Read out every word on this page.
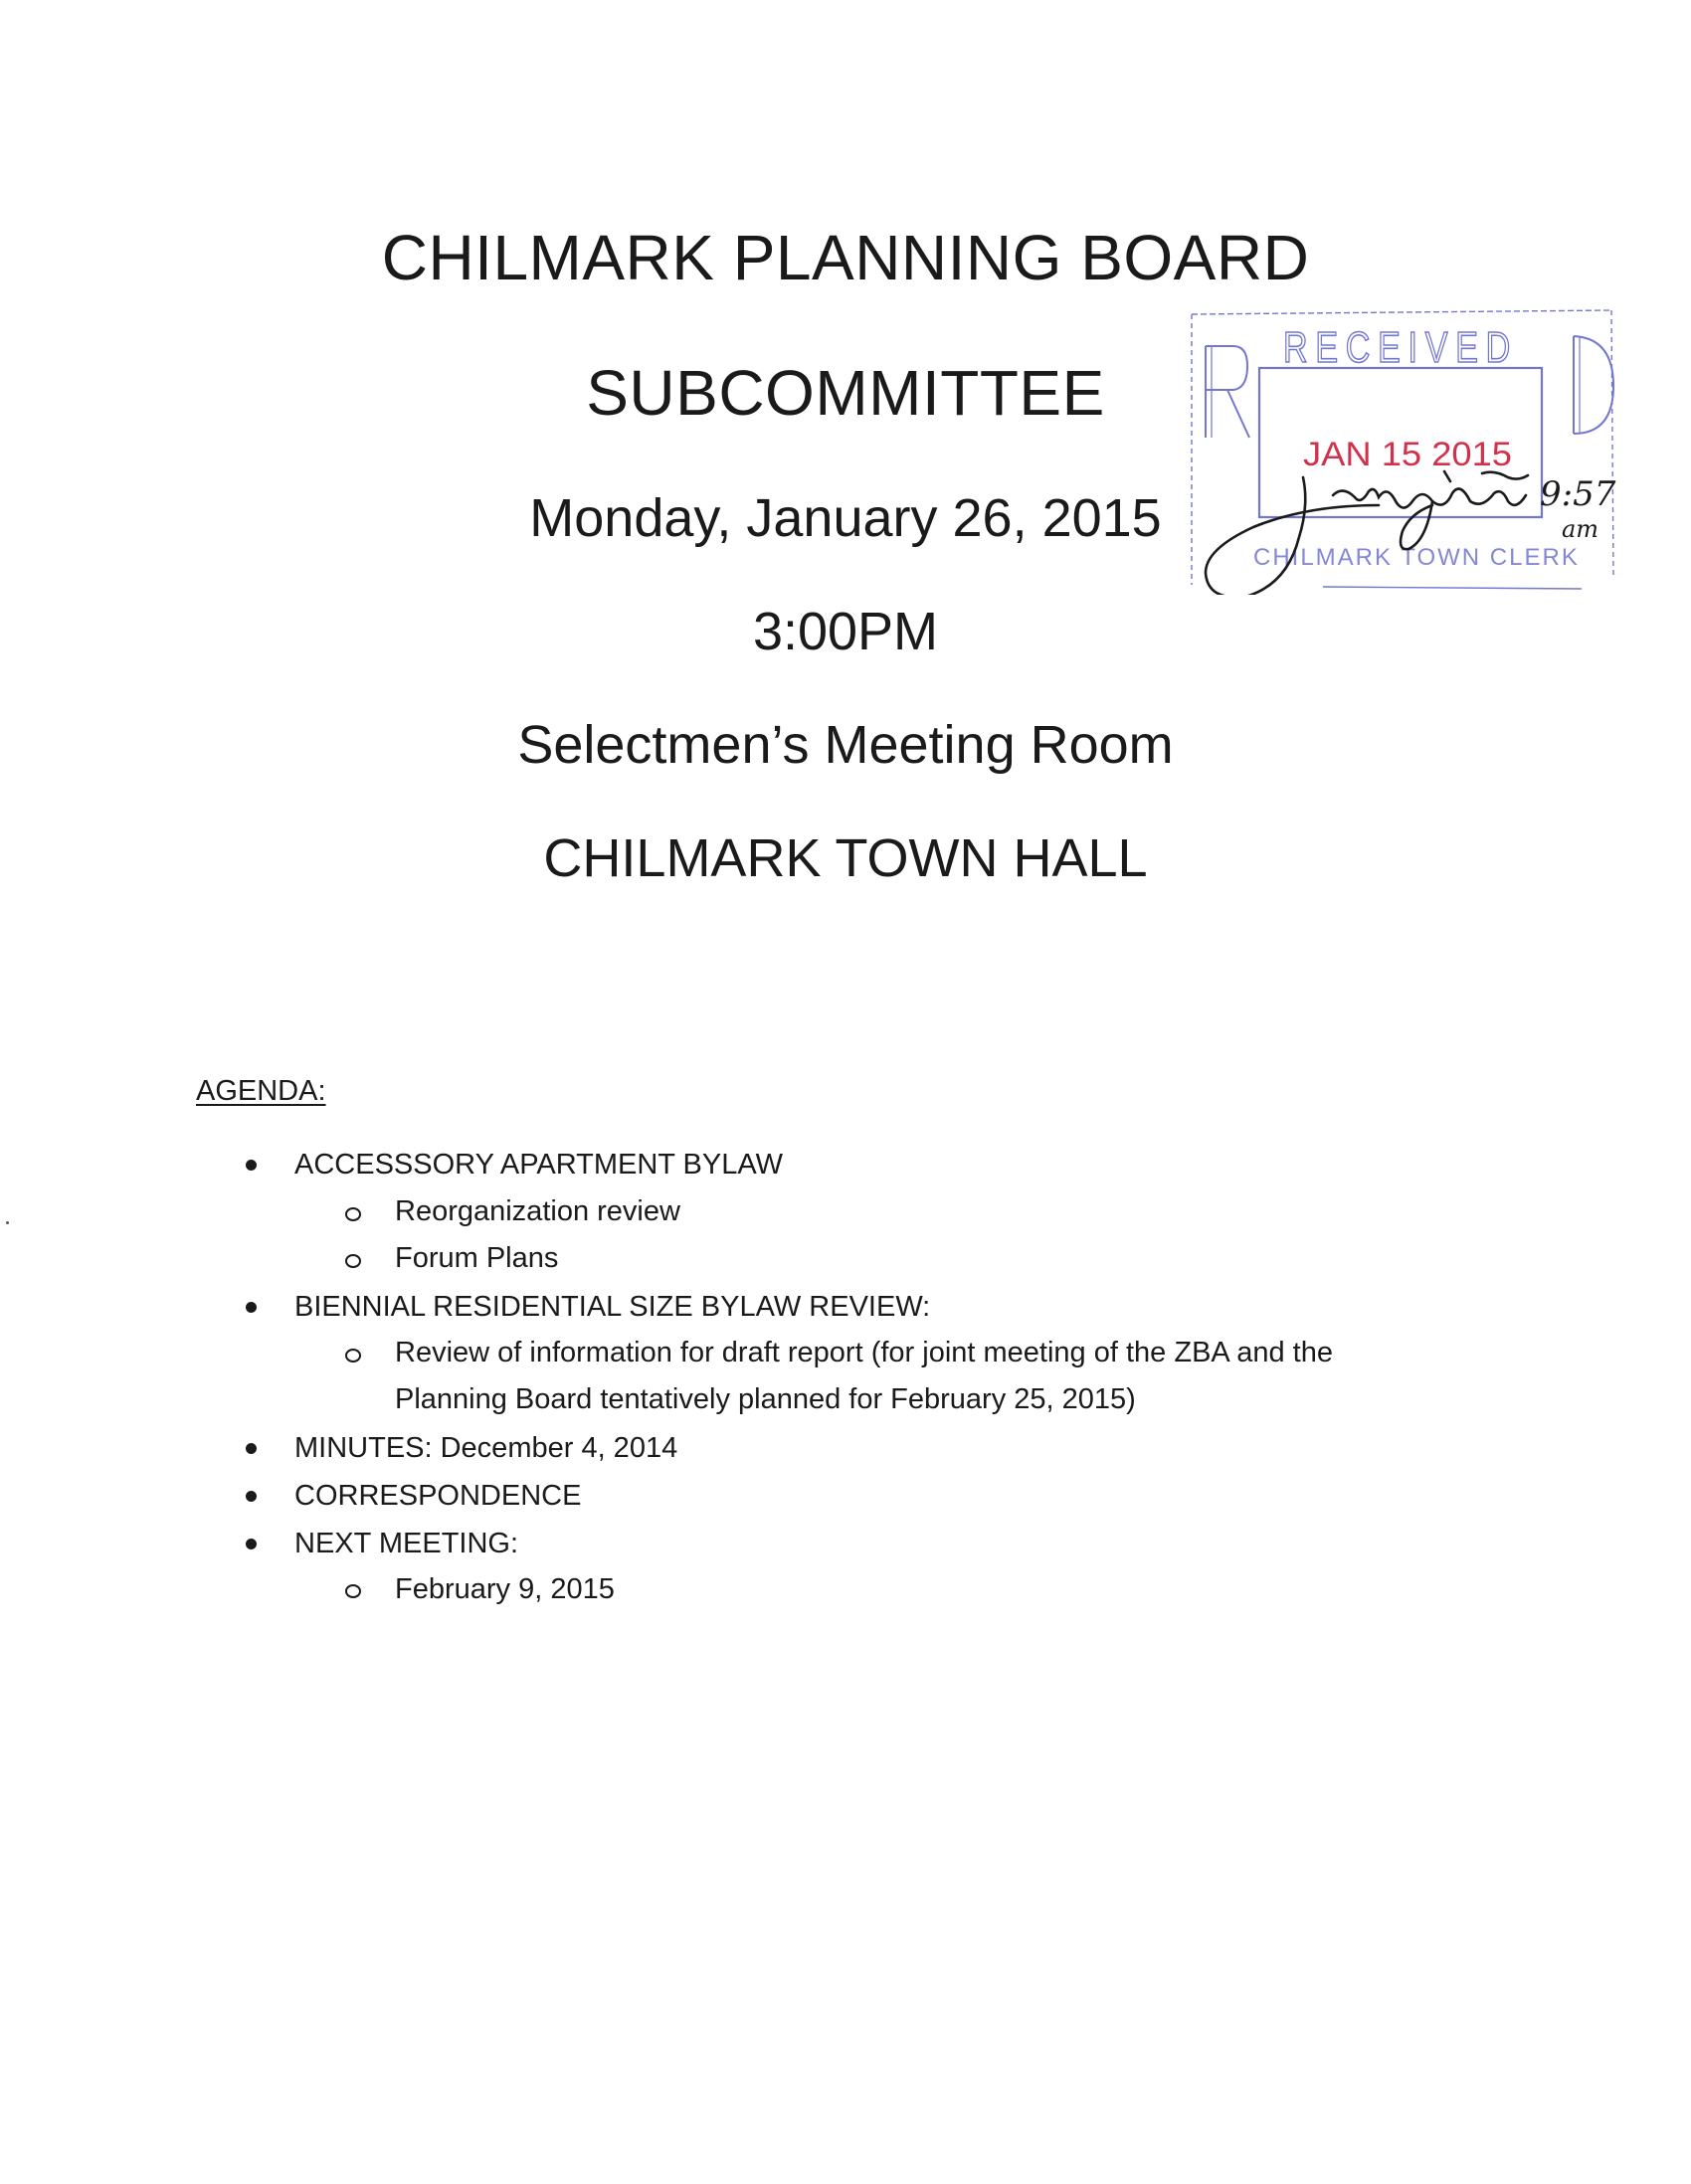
CHILMARK PLANNING BOARD
SUBCOMMITTEE
Monday, January 26, 2015
3:00PM
Selectmen’s Meeting Room
CHILMARK TOWN HALL
AGENDA:
ACCESSSORY APARTMENT BYLAW
Reorganization review
Forum Plans
BIENNIAL RESIDENTIAL SIZE BYLAW REVIEW:
Review of information for draft report (for joint meeting of the ZBA and the
Planning Board tentatively planned for February 25, 2015)
MINUTES: December 4, 2014
CORRESPONDENCE
NEXT MEETING:
February 9, 2015
RECEIVED
JAN 15 2015
CHILMARK TOWN CLERK
9:57
am
